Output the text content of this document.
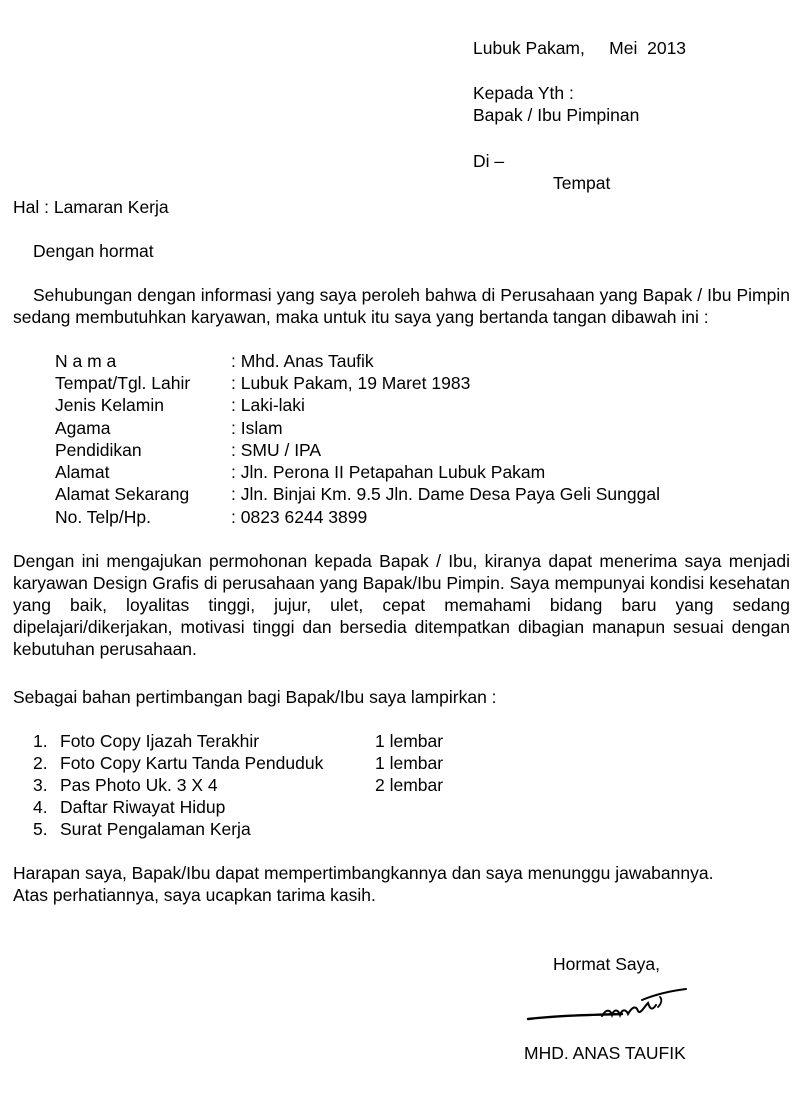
Lubuk Pakam,     Mei  2013
Kepada Yth :
Bapak / Ibu Pimpinan
Di –
Tempat
Hal : Lamaran Kerja
Dengan hormat
Sehubungan dengan informasi yang saya peroleh bahwa di Perusahaan yang Bapak / Ibu Pimpin sedang membutuhkan karyawan, maka untuk itu saya yang bertanda tangan dibawah ini :
N a m a	: Mhd. Anas Taufik
Tempat/Tgl. Lahir : Lubuk Pakam, 19 Maret 1983
Jenis Kelamin	: Laki-laki
Agama	: Islam
Pendidikan	: SMU / IPA
Alamat	: Jln. Perona II Petapahan Lubuk Pakam
Alamat Sekarang : Jln. Binjai Km. 9.5 Jln. Dame Desa Paya Geli Sunggal
No. Telp/Hp.	: 0823 6244 3899
Dengan ini mengajukan permohonan kepada Bapak / Ibu, kiranya dapat menerima saya menjadi karyawan Design Grafis di perusahaan yang Bapak/Ibu Pimpin. Saya mempunyai kondisi kesehatan yang baik, loyalitas tinggi, jujur, ulet, cepat memahami bidang baru yang sedang dipelajari/dikerjakan, motivasi tinggi dan bersedia ditempatkan dibagian manapun sesuai dengan kebutuhan perusahaan.
Sebagai bahan pertimbangan bagi Bapak/Ibu saya lampirkan :
1. Foto Copy Ijazah Terakhir	1 lembar
2. Foto Copy Kartu Tanda Penduduk	1 lembar
3. Pas Photo Uk. 3 X 4	2 lembar
4. Daftar Riwayat Hidup
5. Surat Pengalaman Kerja
Harapan saya, Bapak/Ibu dapat mempertimbangkannya dan saya menunggu jawabannya.
Atas perhatiannya, saya ucapkan tarima kasih.
Hormat Saya,
MHD. ANAS TAUFIK
